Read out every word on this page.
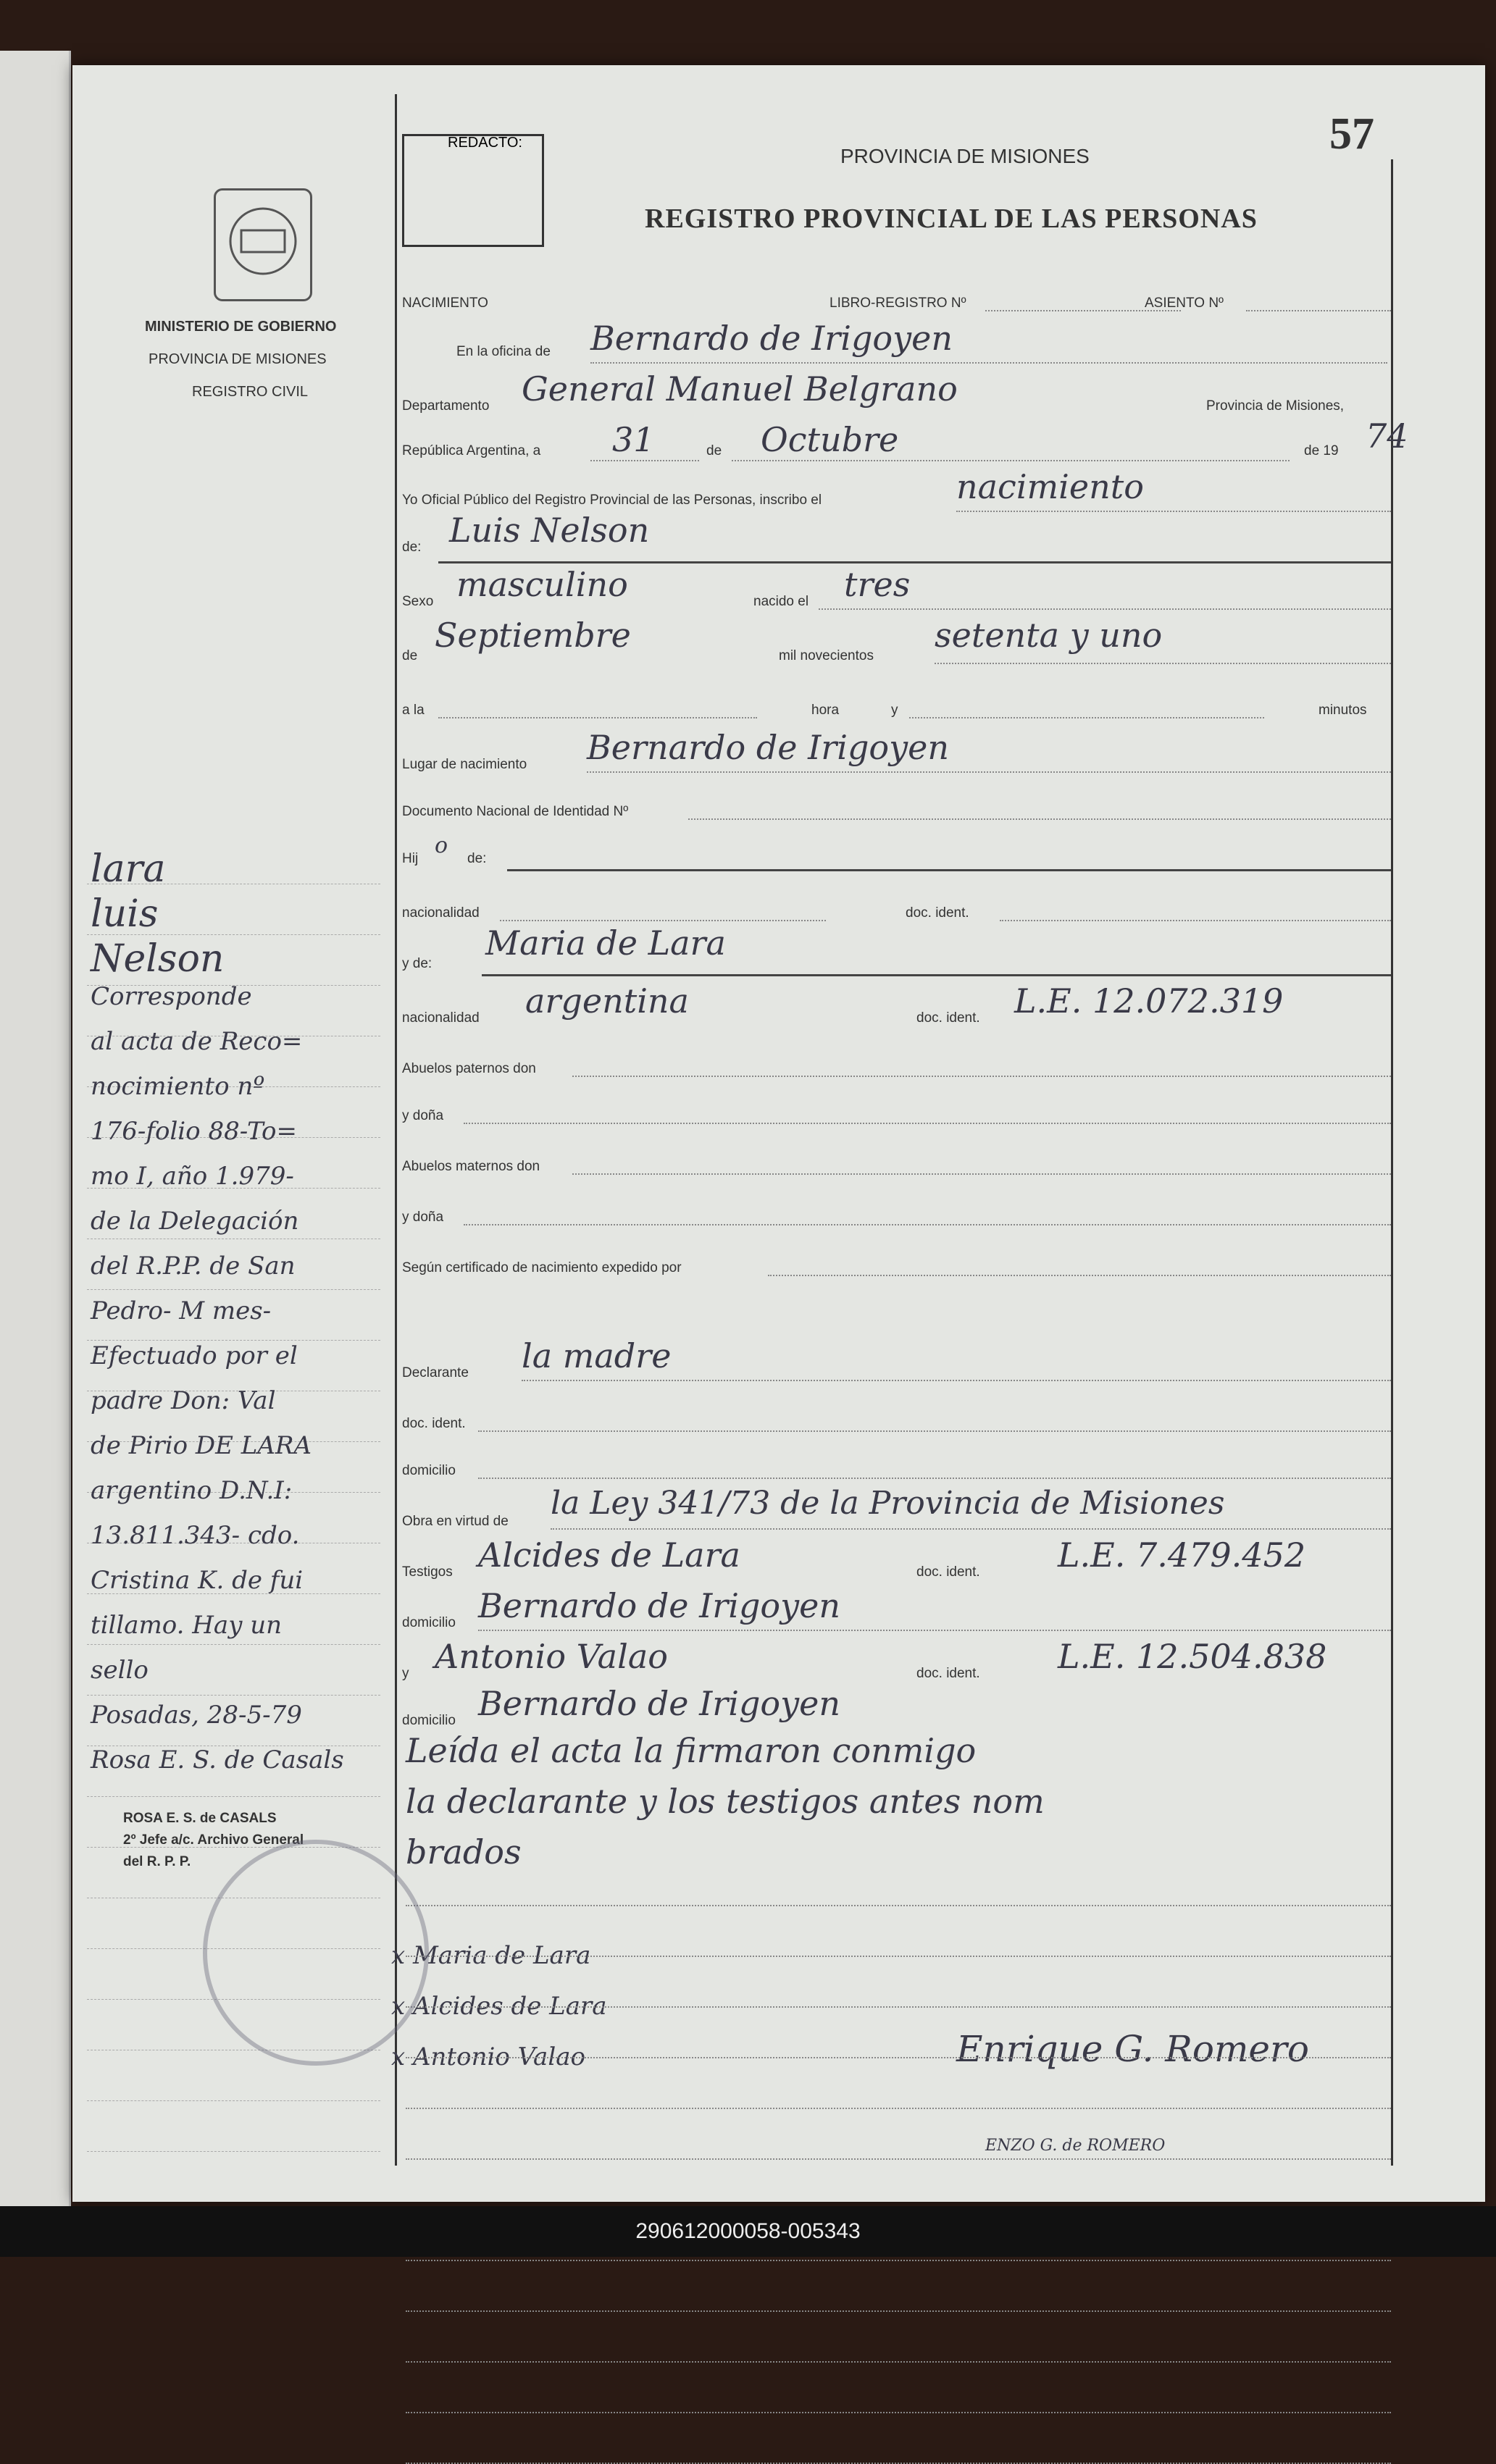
MINISTERIO DE GOBIERNO
PROVINCIA DE MISIONES
REGISTRO CIVIL
REDACTO:
PROVINCIA DE MISIONES
REGISTRO PROVINCIAL DE LAS PERSONAS
57
NACIMIENTO	LIBRO-REGISTRO Nº	ASIENTO Nº
En la oficina de Bernardo de Irigoyen
Departamento General Manuel Belgrano	Provincia de Misiones,
República Argentina, a 31	de Octubre	de 19 74
Yo Oficial Público del Registro Provincial de las Personas, inscribo el	nacimiento
de: Luis Nelson
Sexo masculino	nacido el tres
de
Septiembre
mil novecientos
setenta y uno
a la	hora	y	minutos
Lugar de nacimiento Bernardo de Irigoyen
Documento Nacional de Identidad Nº
Hij
o
de:
nacionalidad	doc. ident.
y de:
Maria de Lara
nacionalidad argentina	doc. ident. L.E. 12.072.319
Abuelos paternos don
y doña
Abuelos maternos don
y doña
Según certificado de nacimiento expedido por
Declarante la madre
doc. ident.
domicilio
Obra en virtud de la Ley 341/73 de la Provincia de Misiones
Testigos Alcides de Lara	doc. ident. L.E. 7.479.452
domicilio Bernardo de Irigoyen
y Antonio Valao	doc. ident. L.E. 12.504.838
domicilio Bernardo de Irigoyen
Leída el acta la firmaron conmigo
la declarante y los testigos antes nom
brados
x Maria de Lara
x Alcides de Lara
x Antonio Valao	Enrique G. Romero
ENZO G. de ROMERO
lara
luis
Nelson
Corresponde
al acta de Reco=
nocimiento nº
176-folio 88-To=
mo I, año 1.979-
de la Delegación
del R.P.P. de San
Pedro- M mes-
Efectuado por el
padre Don: Val
de Pirio DE LARA
argentino D.N.I:
13.811.343- cdo.
Cristina K. de fui
tillamo. Hay un
sello
Posadas, 28-5-79
Rosa E. S. de Casals
ROSA E. S. de CASALS
2º Jefe a/c. Archivo General
del R. P. P.
290612000058-005343
